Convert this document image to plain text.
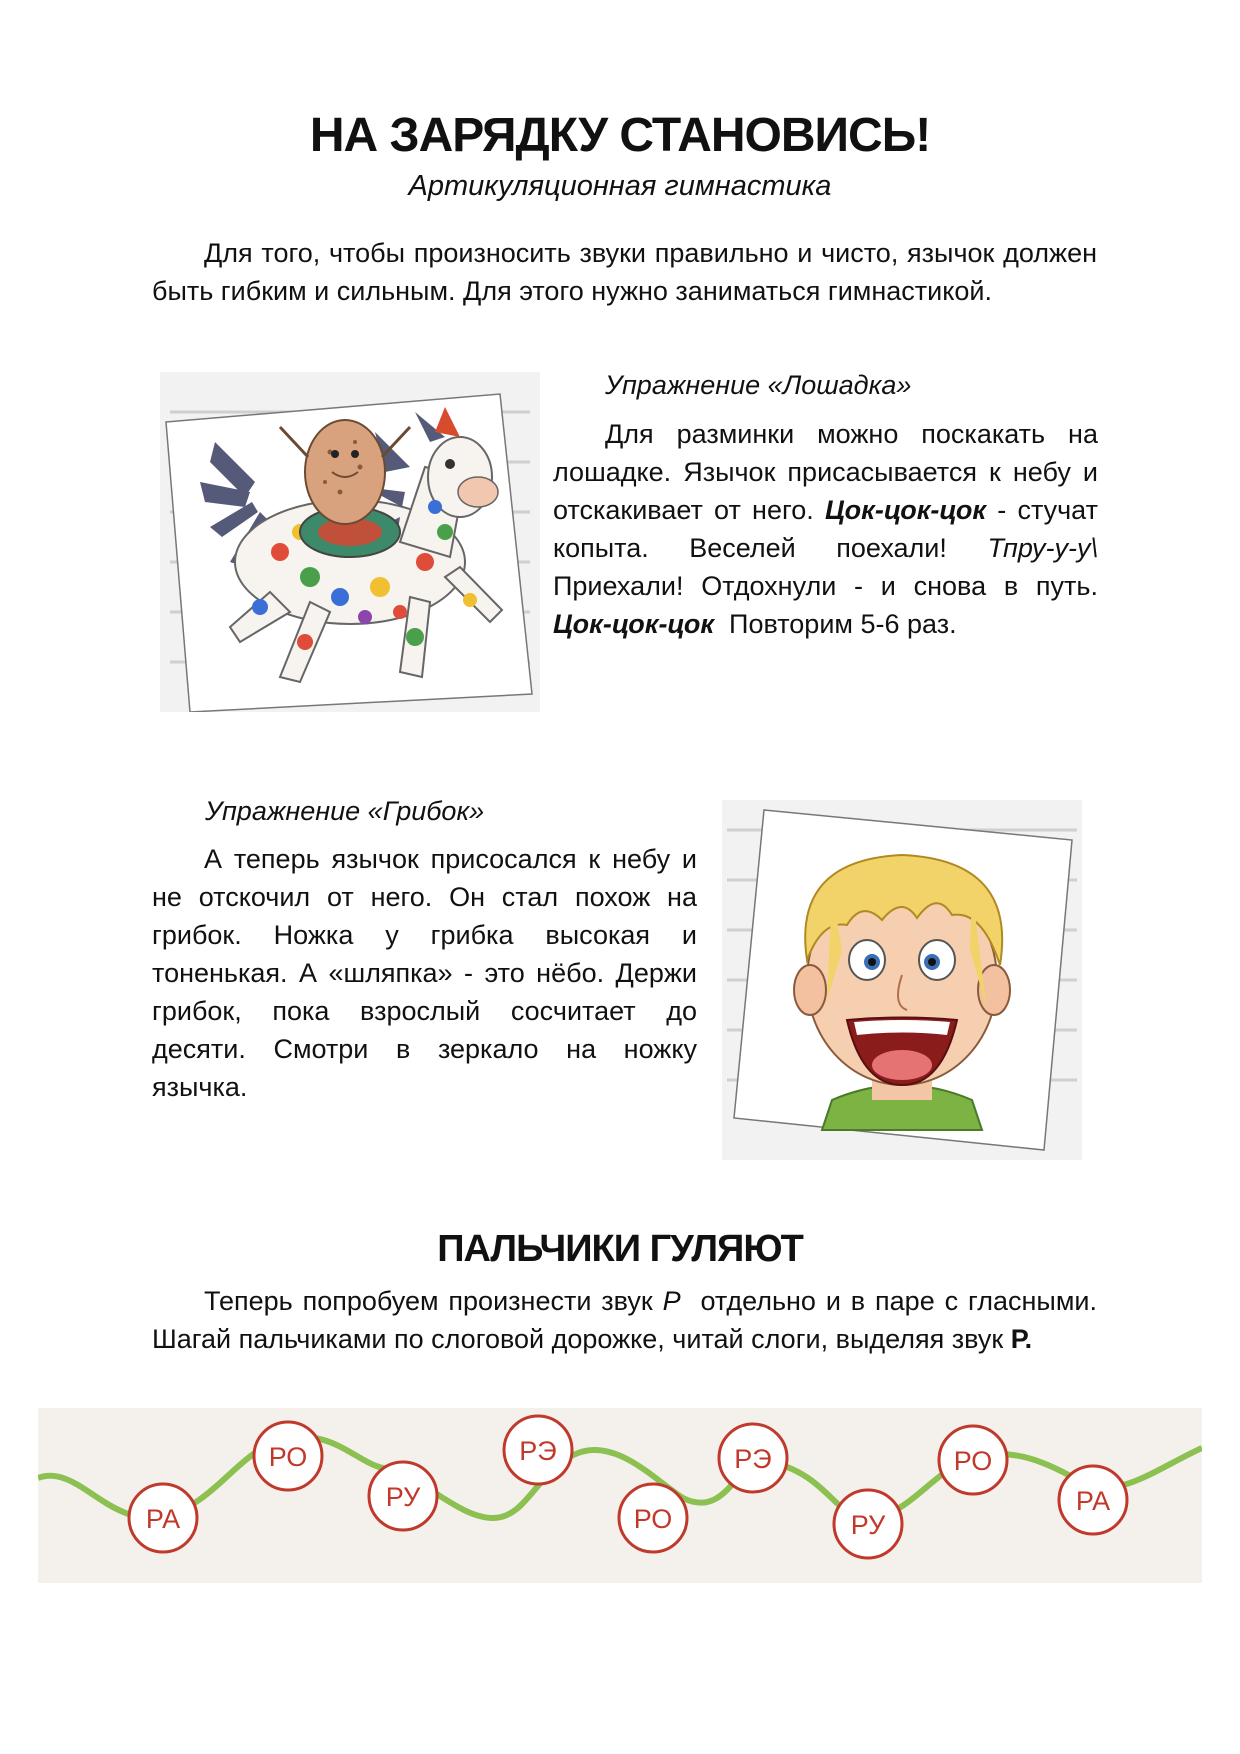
НА ЗАРЯДКУ СТАНОВИСЬ!
Артикуляционная гимнастика

Для того, чтобы произносить звуки правильно и чисто, язычок должен быть гибким и сильным. Для этого нужно заниматься гимнастикой.

Упражнение «Лошадка»

Для разминки можно поскакать на лошадке. Язычок присасывается к небу и отскакивает от него. Цок-цок-цок - стучат копыта. Веселей поехали! Тпру-у-у\ Приехали! Отдохнули - и снова в путь. Цок-цок-цок Повторим 5-6 раз.

Упражнение «Грибок»

А теперь язычок присосался к небу и не отскочил от него. Он стал похож на грибок. Ножка у грибка высокая и тоненькая. А «шляпка» - это нёбо. Держи грибок, пока взрослый сосчитает до десяти. Смотри в зеркало на ножку язычка.

ПАЛЬЧИКИ ГУЛЯЮТ

Теперь попробуем произнести звук Р отдельно и в паре с гласными. Шагай пальчиками по слоговой дорожке, читай слоги, выделяя звук Р.

РА
РО
РУ
РЭ
РО
РЭ
РУ
РО
РА
